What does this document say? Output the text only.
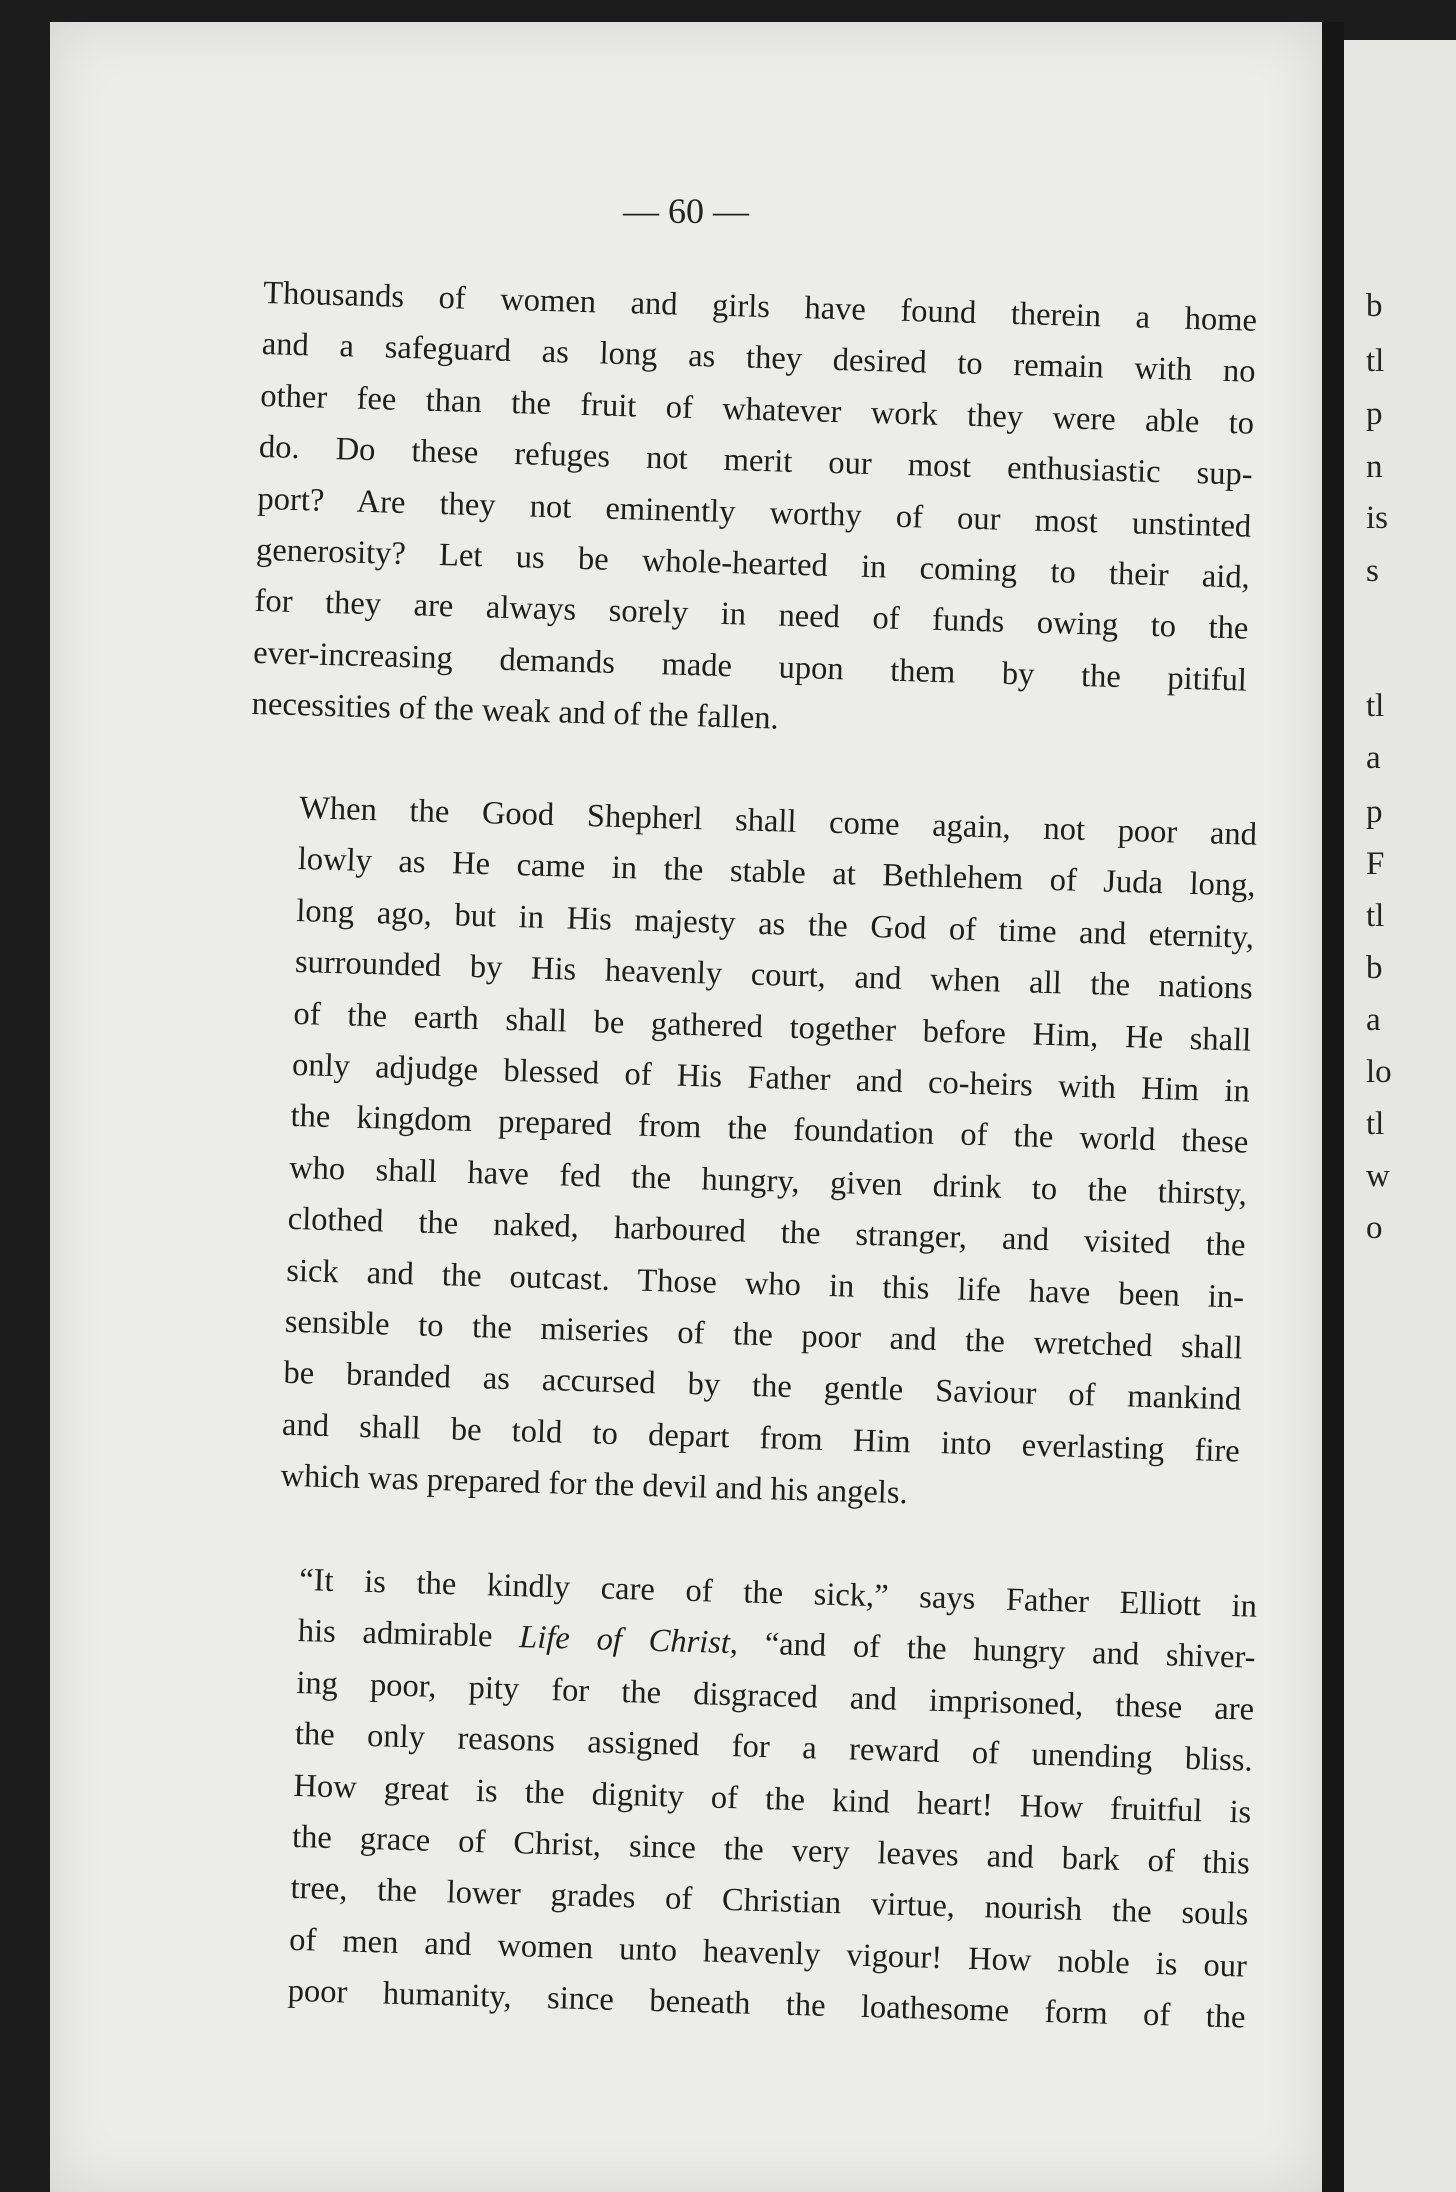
— 60 —
Thousands of women and girls have found therein a home
and a safeguard as long as they desired to remain with no
other fee than the fruit of whatever work they were able to
do. Do these refuges not merit our most enthusiastic sup-
port? Are they not eminently worthy of our most unstinted
generosity? Let us be whole-hearted in coming to their aid,
for they are always sorely in need of funds owing to the
ever-increasing demands made upon them by the pitiful
necessities of the weak and of the fallen.
When the Good Shepherl shall come again, not poor and
lowly as He came in the stable at Bethlehem of Juda long,
long ago, but in His majesty as the God of time and eternity,
surrounded by His heavenly court, and when all the nations
of the earth shall be gathered together before Him, He shall
only adjudge blessed of His Father and co-heirs with Him in
the kingdom prepared from the foundation of the world these
who shall have fed the hungry, given drink to the thirsty,
clothed the naked, harboured the stranger, and visited the
sick and the outcast. Those who in this life have been in-
sensible to the miseries of the poor and the wretched shall
be branded as accursed by the gentle Saviour of mankind
and shall be told to depart from Him into everlasting fire
which was prepared for the devil and his angels.
“It is the kindly care of the sick,” says Father Elliott in
his admirable Life of Christ, “and of the hungry and shiver-
ing poor, pity for the disgraced and imprisoned, these are
the only reasons assigned for a reward of unending bliss.
How great is the dignity of the kind heart! How fruitful is
the grace of Christ, since the very leaves and bark of this
tree, the lower grades of Christian virtue, nourish the souls
of men and women unto heavenly vigour! How noble is our
poor humanity, since beneath the loathesome form of the
b
tl
p
n
is
s
tl
a
p
F
tl
b
a
lo
tl
w
o
